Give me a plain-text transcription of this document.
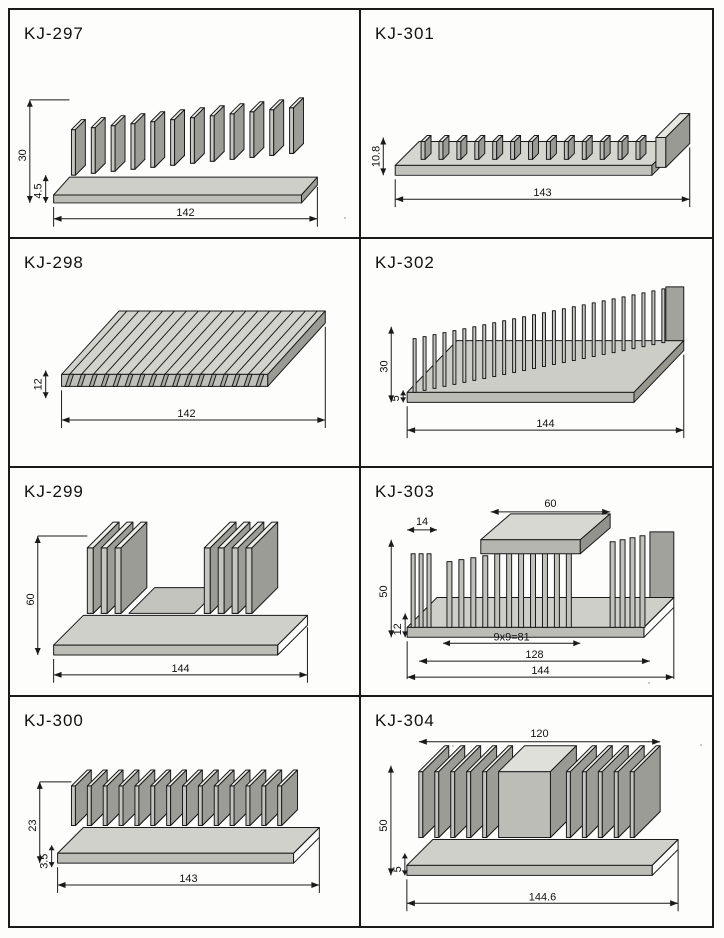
KJ-297
30
4.5
142
KJ-301
10.8
143
KJ-298
12
142
KJ-302
30
5
144
KJ-299
60
144
KJ-303
50
12
14
60
9x9=81
128
144
KJ-300
23
3.5
143
KJ-304
50
5
120
144.6
